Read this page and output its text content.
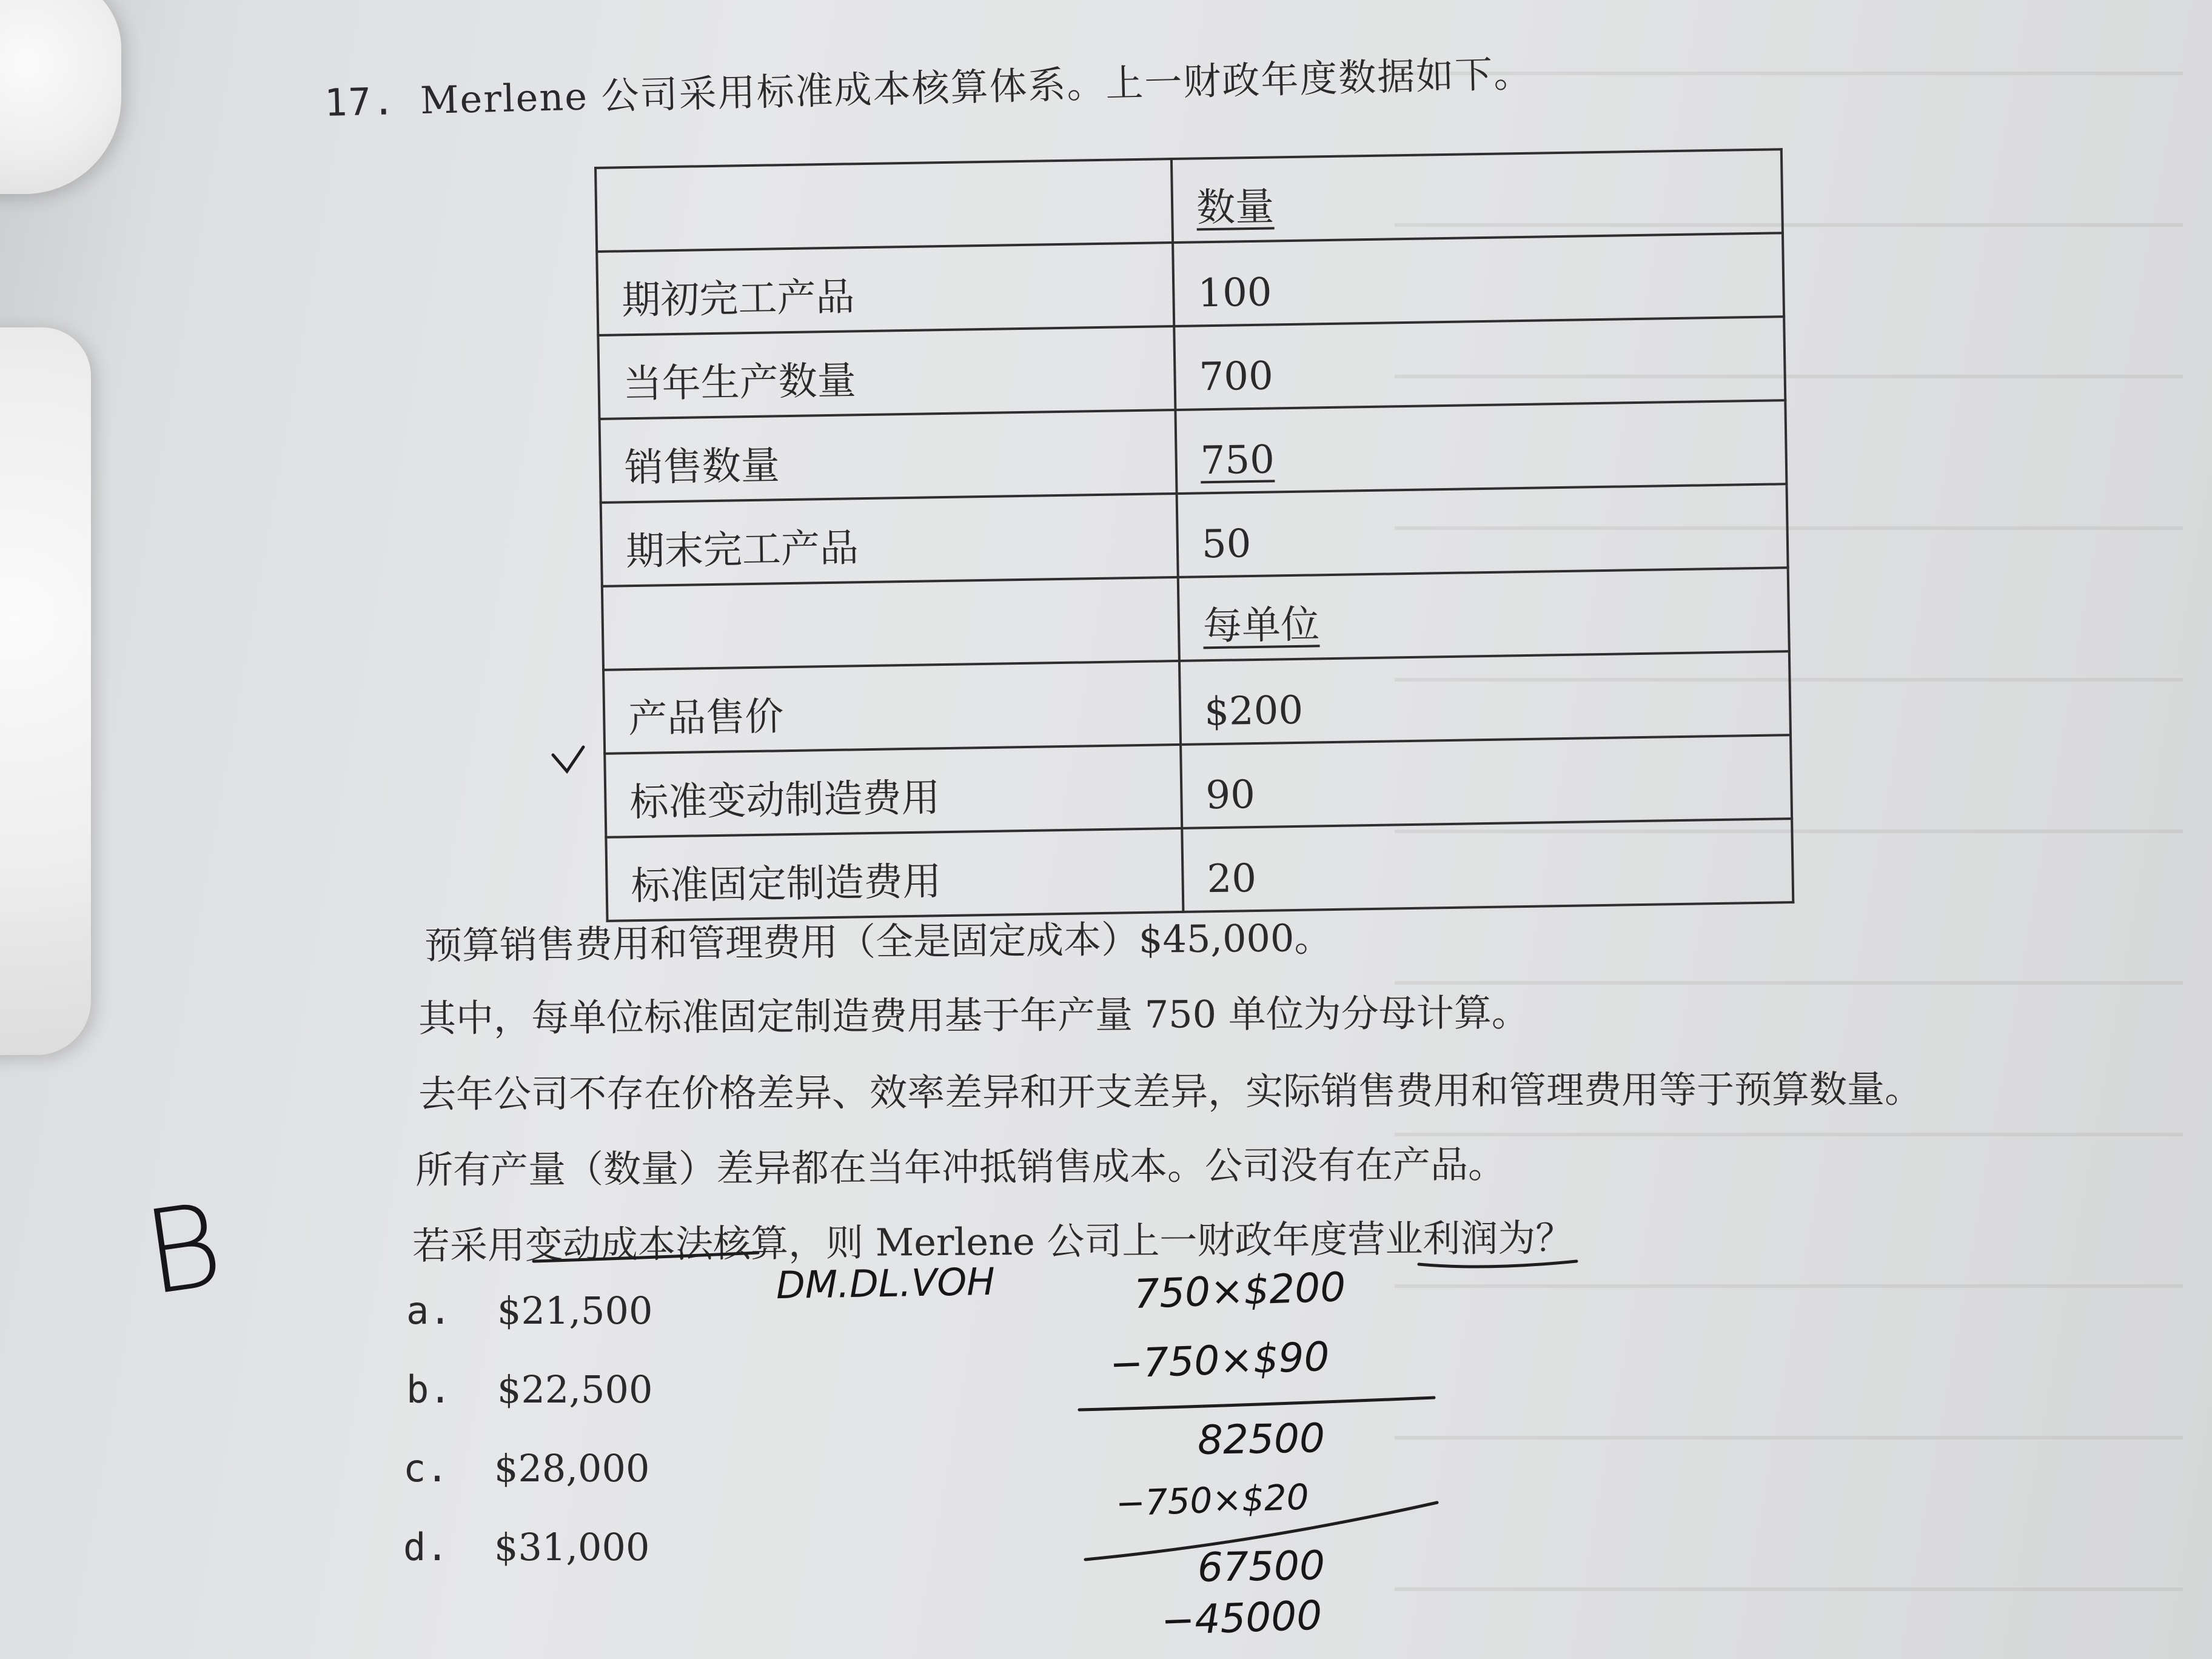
17. Merlene 公司采用标准成本核算体系。上一财政年度数据如下。
	数量
期初完工产品	100
当年生产数量	700
销售数量	750
期末完工产品	50
	每单位
产品售价	$200
标准变动制造费用	90
标准固定制造费用	20
预算销售费用和管理费用（全是固定成本）$45,000。
其中，每单位标准固定制造费用基于年产量 750 单位为分母计算。
去年公司不存在价格差异、效率差异和开支差异，实际销售费用和管理费用等于预算数量。
所有产量（数量）差异都在当年冲抵销售成本。公司没有在产品。
若采用变动成本法核算，则 Merlene 公司上一财政年度营业利润为？
a. $21,500
b. $22,500
c. $28,000
d. $31,000
B	DM.DL.VOH	750×$200
−750×$90
82500
−750×$20
67500
−45000
